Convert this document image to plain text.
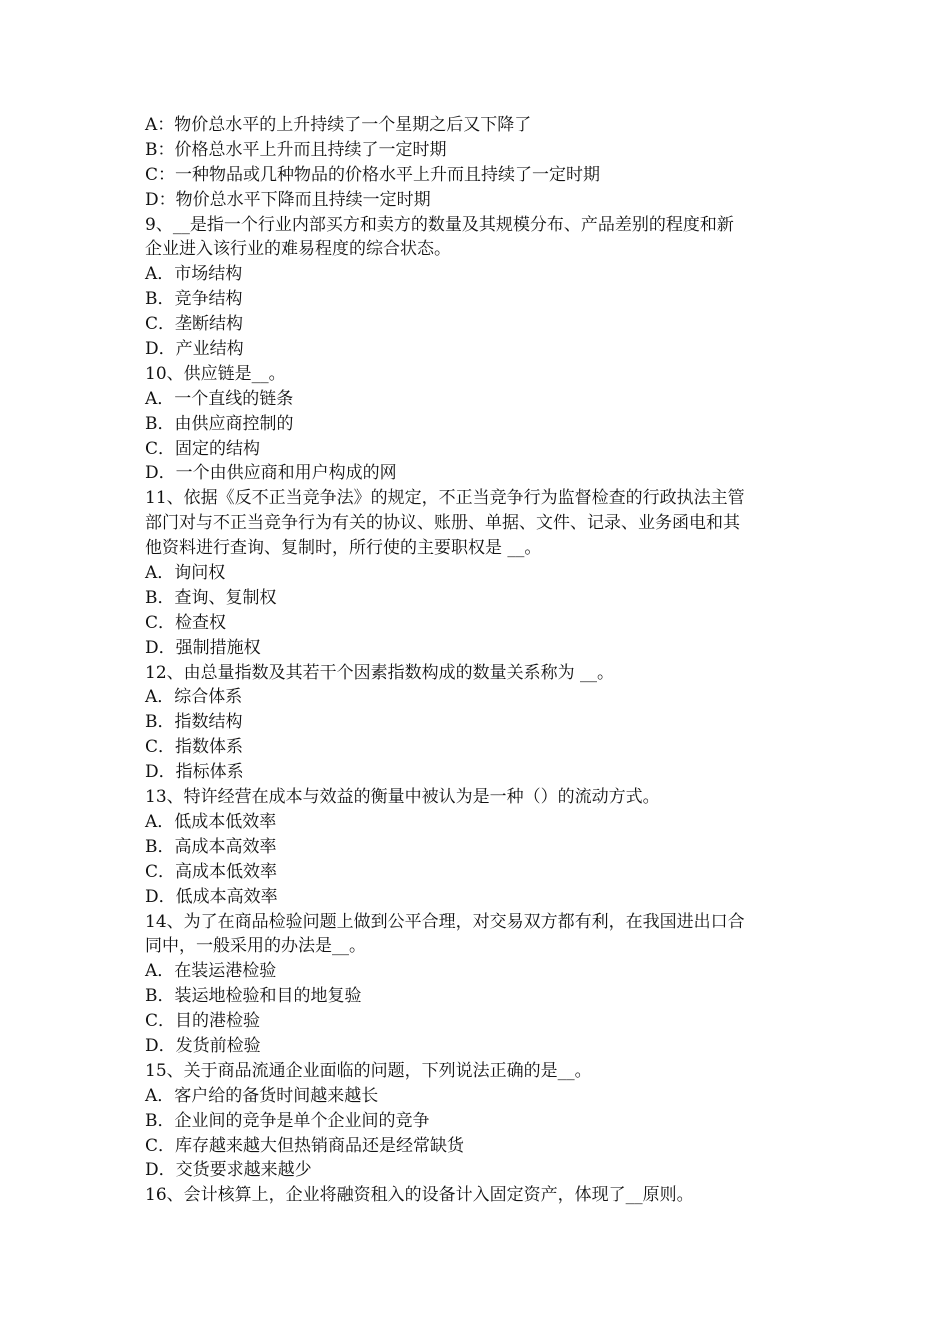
A：物价总水平的上升持续了一个星期之后又下降了
B：价格总水平上升而且持续了一定时期
C：一种物品或几种物品的价格水平上升而且持续了一定时期
D：物价总水平下降而且持续一定时期
9、__是指一个行业内部买方和卖方的数量及其规模分布、产品差别的程度和新
企业进入该行业的难易程度的综合状态。
A．市场结构
B．竞争结构
C．垄断结构
D．产业结构
10、供应链是__。
A．一个直线的链条
B．由供应商控制的
C．固定的结构
D．一个由供应商和用户构成的网
11、依据《反不正当竞争法》的规定，不正当竞争行为监督检查的行政执法主管
部门对与不正当竞争行为有关的协议、账册、单据、文件、记录、业务函电和其
他资料进行查询、复制时，所行使的主要职权是 __。
A．询问权
B．查询、复制权
C．检查权
D．强制措施权
12、由总量指数及其若干个因素指数构成的数量关系称为 __。
A．综合体系
B．指数结构
C．指数体系
D．指标体系
13、特许经营在成本与效益的衡量中被认为是一种（）的流动方式。
A．低成本低效率
B．高成本高效率
C．高成本低效率
D．低成本高效率
14、为了在商品检验问题上做到公平合理，对交易双方都有利，在我国进出口合
同中，一般采用的办法是__。
A．在装运港检验
B．装运地检验和目的地复验
C．目的港检验
D．发货前检验
15、关于商品流通企业面临的问题，下列说法正确的是__。
A．客户给的备货时间越来越长
B．企业间的竞争是单个企业间的竞争
C．库存越来越大但热销商品还是经常缺货
D．交货要求越来越少
16、会计核算上，企业将融资租入的设备计入固定资产，体现了__原则。
